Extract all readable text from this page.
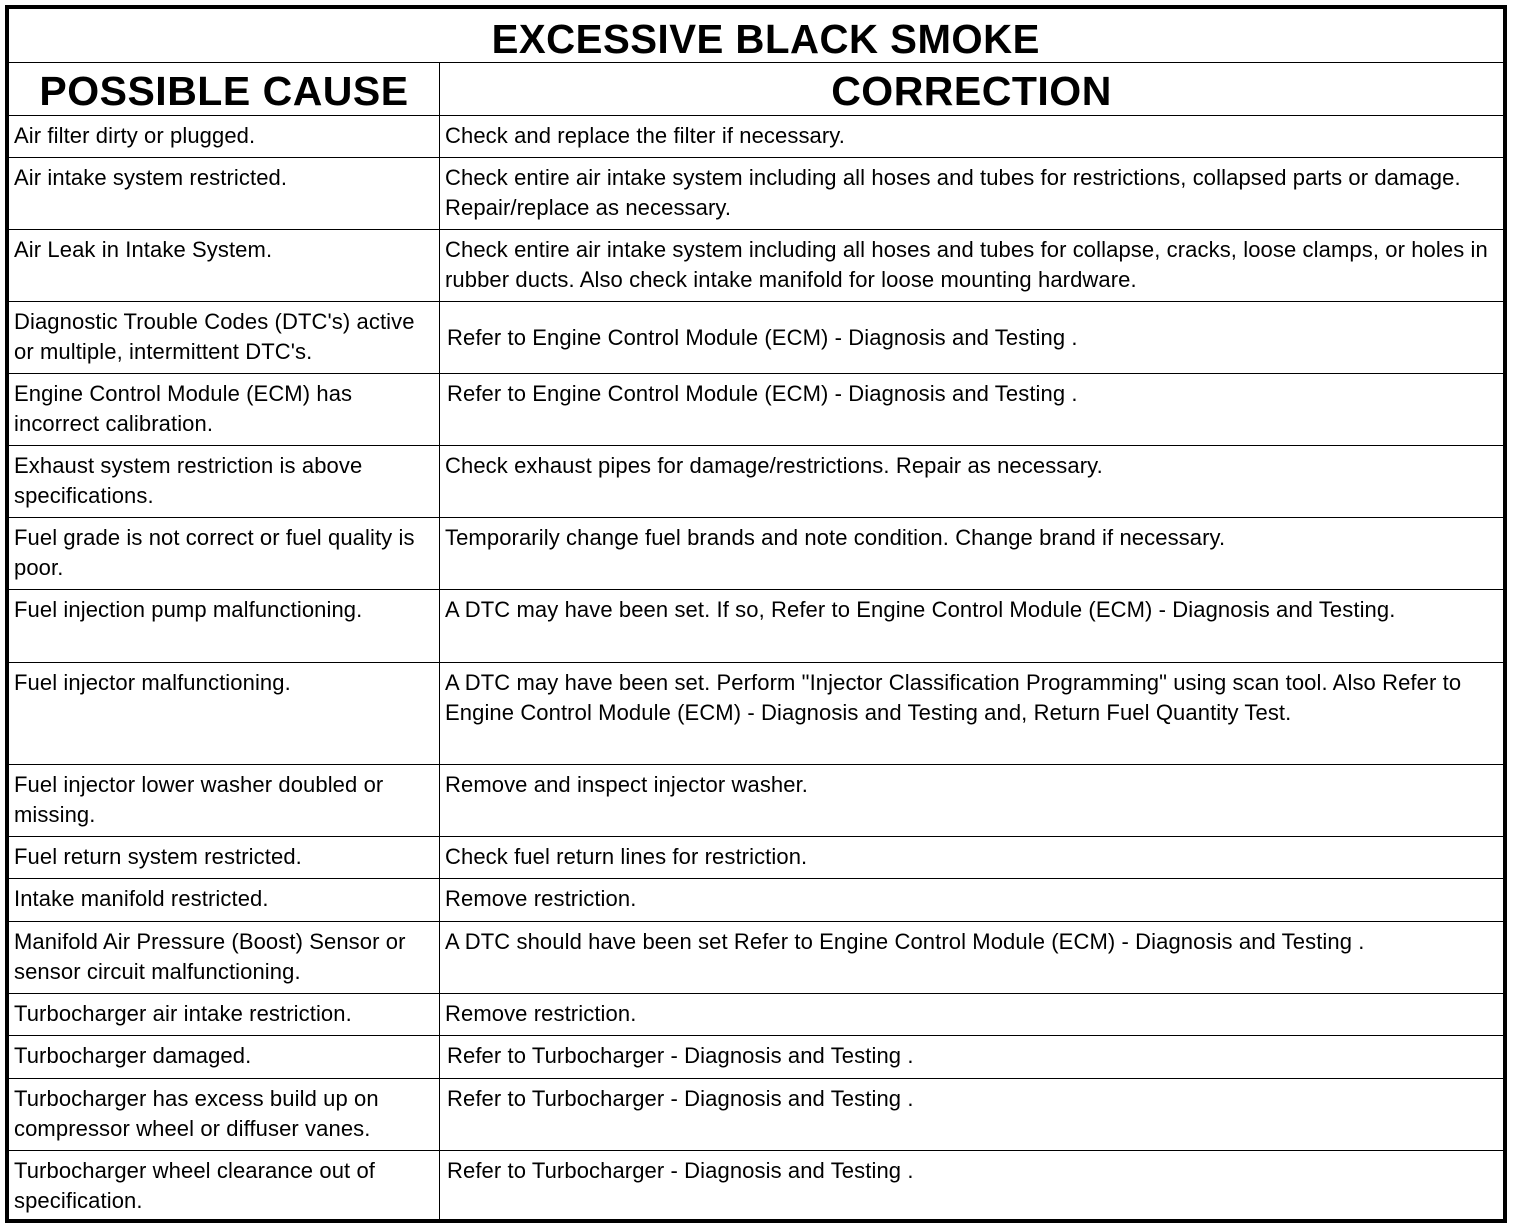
EXCESSIVE BLACK SMOKE	
POSSIBLE CAUSE	CORRECTION
Air filter dirty or plugged.	Check and replace the filter if necessary.
Air intake system restricted.	Check entire air intake system including all hoses and tubes for restrictions, collapsed parts or damage. Repair/replace as necessary.
Air Leak in Intake System.	Check entire air intake system including all hoses and tubes for collapse, cracks, loose clamps, or holes in rubber ducts. Also check intake manifold for loose mounting hardware.
Diagnostic Trouble Codes (DTC's) active or multiple, intermittent DTC's.	Refer to Engine Control Module (ECM) - Diagnosis and Testing .
Engine Control Module (ECM) has incorrect calibration.	Refer to Engine Control Module (ECM) - Diagnosis and Testing .
Exhaust system restriction is above specifications.	Check exhaust pipes for damage/restrictions. Repair as necessary.
Fuel grade is not correct or fuel quality is poor.	Temporarily change fuel brands and note condition. Change brand if necessary.
Fuel injection pump malfunctioning.	A DTC may have been set. If so, Refer to Engine Control Module (ECM) - Diagnosis and Testing.
Fuel injector malfunctioning.	A DTC may have been set. Perform "Injector Classification Programming" using scan tool. Also Refer to Engine Control Module (ECM) - Diagnosis and Testing and, Return Fuel Quantity Test.
Fuel injector lower washer doubled or missing.	Remove and inspect injector washer.
Fuel return system restricted.	Check fuel return lines for restriction.
Intake manifold restricted.	Remove restriction.
Manifold Air Pressure (Boost) Sensor or sensor circuit malfunctioning.	A DTC should have been set Refer to Engine Control Module (ECM) - Diagnosis and Testing .
Turbocharger air intake restriction.	Remove restriction.
Turbocharger damaged.	Refer to Turbocharger - Diagnosis and Testing .
Turbocharger has excess build up on compressor wheel or diffuser vanes.	Refer to Turbocharger - Diagnosis and Testing .
Turbocharger wheel clearance out of specification.	Refer to Turbocharger - Diagnosis and Testing .
